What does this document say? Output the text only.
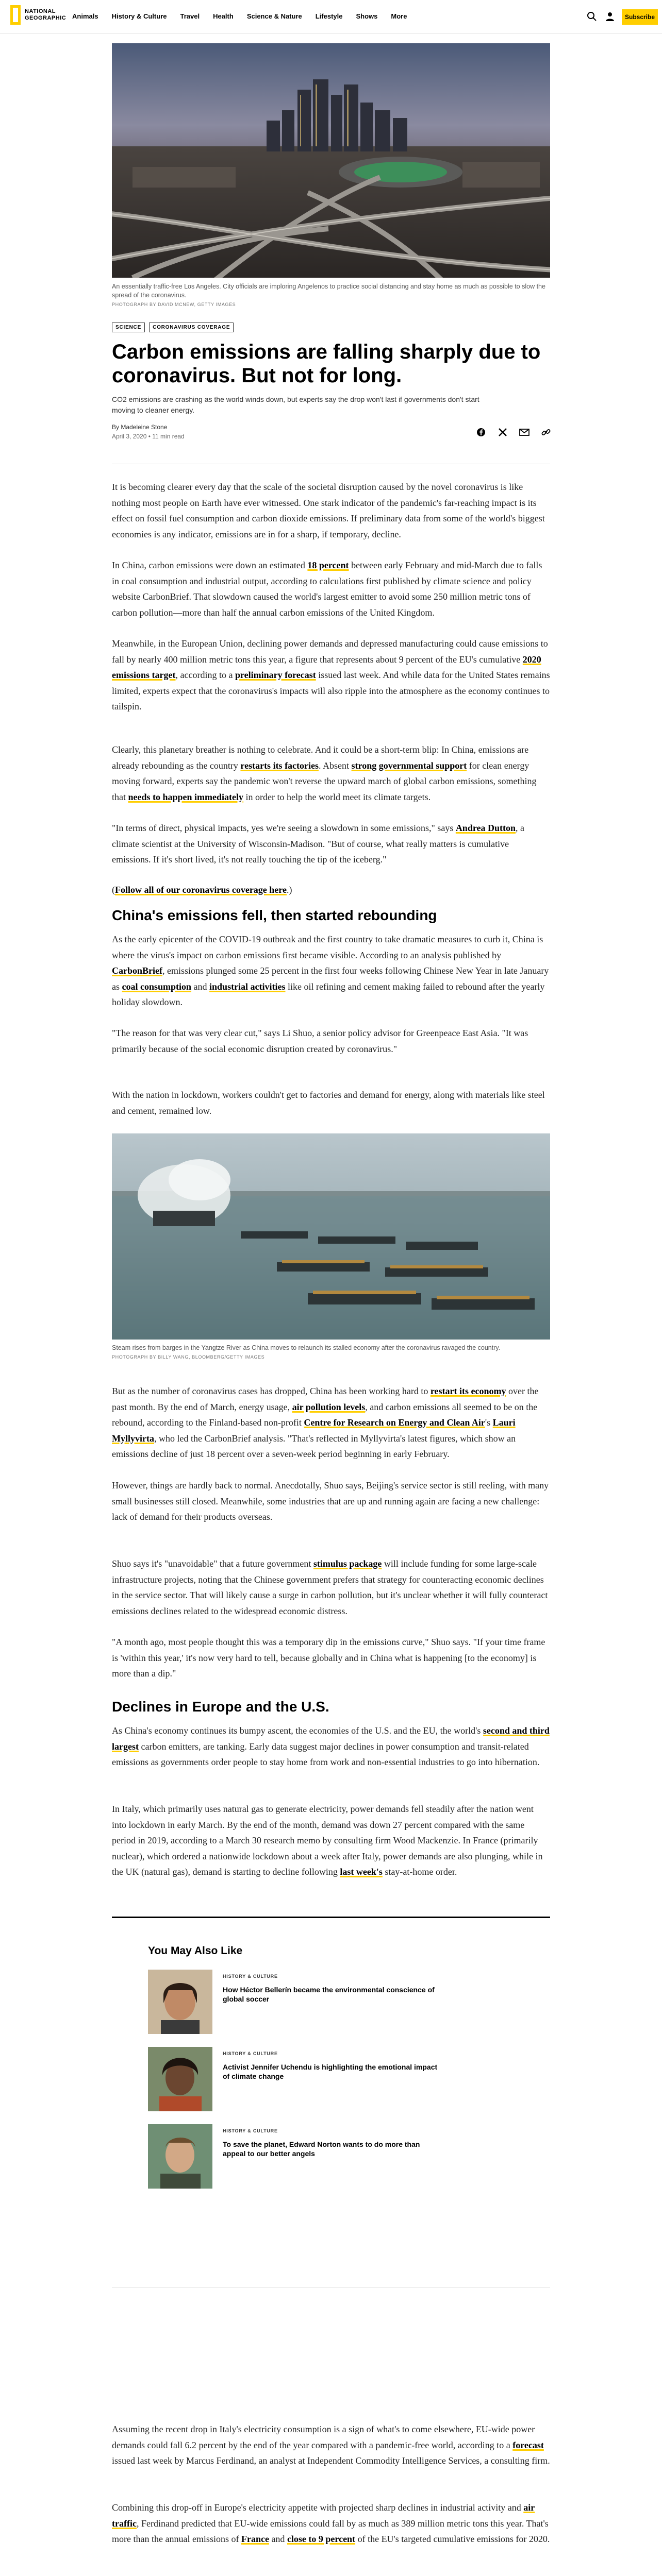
NATIONAL
GEOGRAPHIC Animals History & Culture Travel Health Science & Nature Lifestyle Shows More	Subscribe
An essentially traffic-free Los Angeles. City officials are imploring Angelenos to practice social distancing and stay home as much as possible to slow the spread of the coronavirus.
PHOTOGRAPH BY DAVID MCNEW, GETTY IMAGES
SCIENCE	CORONAVIRUS COVERAGE
Carbon emissions are falling sharply due to coronavirus. But not for long.

CO2 emissions are crashing as the world winds down, but experts say the drop won't last if governments don't start moving to cleaner energy.

By Madeleine Stone
April 3, 2020 • 11 min read

It is becoming clearer every day that the scale of the societal disruption caused by the novel coronavirus is like nothing most people on Earth have ever witnessed. One stark indicator of the pandemic's far-reaching impact is its effect on fossil fuel consumption and carbon dioxide emissions. If preliminary data from some of the world's biggest economies is any indicator, emissions are in for a sharp, if temporary, decline.

In China, carbon emissions were down an estimated 18 percent between early February and mid-March due to falls in coal consumption and industrial output, according to calculations first published by climate science and policy website CarbonBrief. That slowdown caused the world's largest emitter to avoid some 250 million metric tons of carbon pollution—more than half the annual carbon emissions of the United Kingdom.

Meanwhile, in the European Union, declining power demands and depressed manufacturing could cause emissions to fall by nearly 400 million metric tons this year, a figure that represents about 9 percent of the EU's cumulative 2020 emissions target, according to a preliminary forecast issued last week. And while data for the United States remains limited, experts expect that the coronavirus's impacts will also ripple into the atmosphere as the economy continues to tailspin.

Clearly, this planetary breather is nothing to celebrate. And it could be a short-term blip: In China, emissions are already rebounding as the country restarts its factories. Absent strong governmental support for clean energy moving forward, experts say the pandemic won't reverse the upward march of global carbon emissions, something that needs to happen immediately in order to help the world meet its climate targets.

"In terms of direct, physical impacts, yes we're seeing a slowdown in some emissions," says Andrea Dutton, a climate scientist at the University of Wisconsin-Madison. "But of course, what really matters is cumulative emissions. If it's short lived, it's not really touching the tip of the iceberg."

(Follow all of our coronavirus coverage here.)

China's emissions fell, then started rebounding

As the early epicenter of the COVID-19 outbreak and the first country to take dramatic measures to curb it, China is where the virus's impact on carbon emissions first became visible. According to an analysis published by CarbonBrief, emissions plunged some 25 percent in the first four weeks following Chinese New Year in late January as coal consumption and industrial activities like oil refining and cement making failed to rebound after the yearly holiday slowdown.

"The reason for that was very clear cut," says Li Shuo, a senior policy advisor for Greenpeace East Asia. "It was primarily because of the social economic disruption created by coronavirus."

With the nation in lockdown, workers couldn't get to factories and demand for energy, along with materials like steel and cement, remained low.

Steam rises from barges in the Yangtze River as China moves to relaunch its stalled economy after the coronavirus ravaged the country.
PHOTOGRAPH BY BILLY WANG, BLOOMBERG/GETTY IMAGES

But as the number of coronavirus cases has dropped, China has been working hard to restart its economy over the past month. By the end of March, energy usage, air pollution levels, and carbon emissions all seemed to be on the rebound, according to the Finland-based non-profit Centre for Research on Energy and Clean Air's Lauri Myllyvirta, who led the CarbonBrief analysis. "That's reflected in Myllyvirta's latest figures, which show an emissions decline of just 18 percent over a seven-week period beginning in early February.

However, things are hardly back to normal. Anecdotally, Shuo says, Beijing's service sector is still reeling, with many small businesses still closed. Meanwhile, some industries that are up and running again are facing a new challenge: lack of demand for their products overseas.

Shuo says it's "unavoidable" that a future government stimulus package will include funding for some large-scale infrastructure projects, noting that the Chinese government prefers that strategy for counteracting economic declines in the service sector. That will likely cause a surge in carbon pollution, but it's unclear whether it will fully counteract emissions declines related to the widespread economic distress.

"A month ago, most people thought this was a temporary dip in the emissions curve," Shuo says. "If your time frame is 'within this year,' it's now very hard to tell, because globally and in China what is happening [to the economy] is more than a dip."

Declines in Europe and the U.S.

As China's economy continues its bumpy ascent, the economies of the U.S. and the EU, the world's second and third largest carbon emitters, are tanking. Early data suggest major declines in power consumption and transit-related emissions as governments order people to stay home from work and non-essential industries to go into hibernation.

In Italy, which primarily uses natural gas to generate electricity, power demands fell steadily after the nation went into lockdown in early March. By the end of the month, demand was down 27 percent compared with the same period in 2019, according to a March 30 research memo by consulting firm Wood Mackenzie. In France (primarily nuclear), which ordered a nationwide lockdown about a week after Italy, power demands are also plunging, while in the UK (natural gas), demand is starting to decline following last week's stay-at-home order.

You May Also Like
HISTORY & CULTURE
How Héctor Bellerín became the environmental conscience of global soccer
HISTORY & CULTURE
Activist Jennifer Uchendu is highlighting the emotional impact of climate change
HISTORY & CULTURE
To save the planet, Edward Norton wants to do more than appeal to our better angels

Assuming the recent drop in Italy's electricity consumption is a sign of what's to come elsewhere, EU-wide power demands could fall 6.2 percent by the end of the year compared with a pandemic-free world, according to a forecast issued last week by Marcus Ferdinand, an analyst at Independent Commodity Intelligence Services, a consulting firm.

Combining this drop-off in Europe's electricity appetite with projected sharp declines in industrial activity and air traffic, Ferdinand predicted that EU-wide emissions could fall by as much as 389 million metric tons this year. That's more than the annual emissions of France and close to 9 percent of the EU's targeted cumulative emissions for 2020.
